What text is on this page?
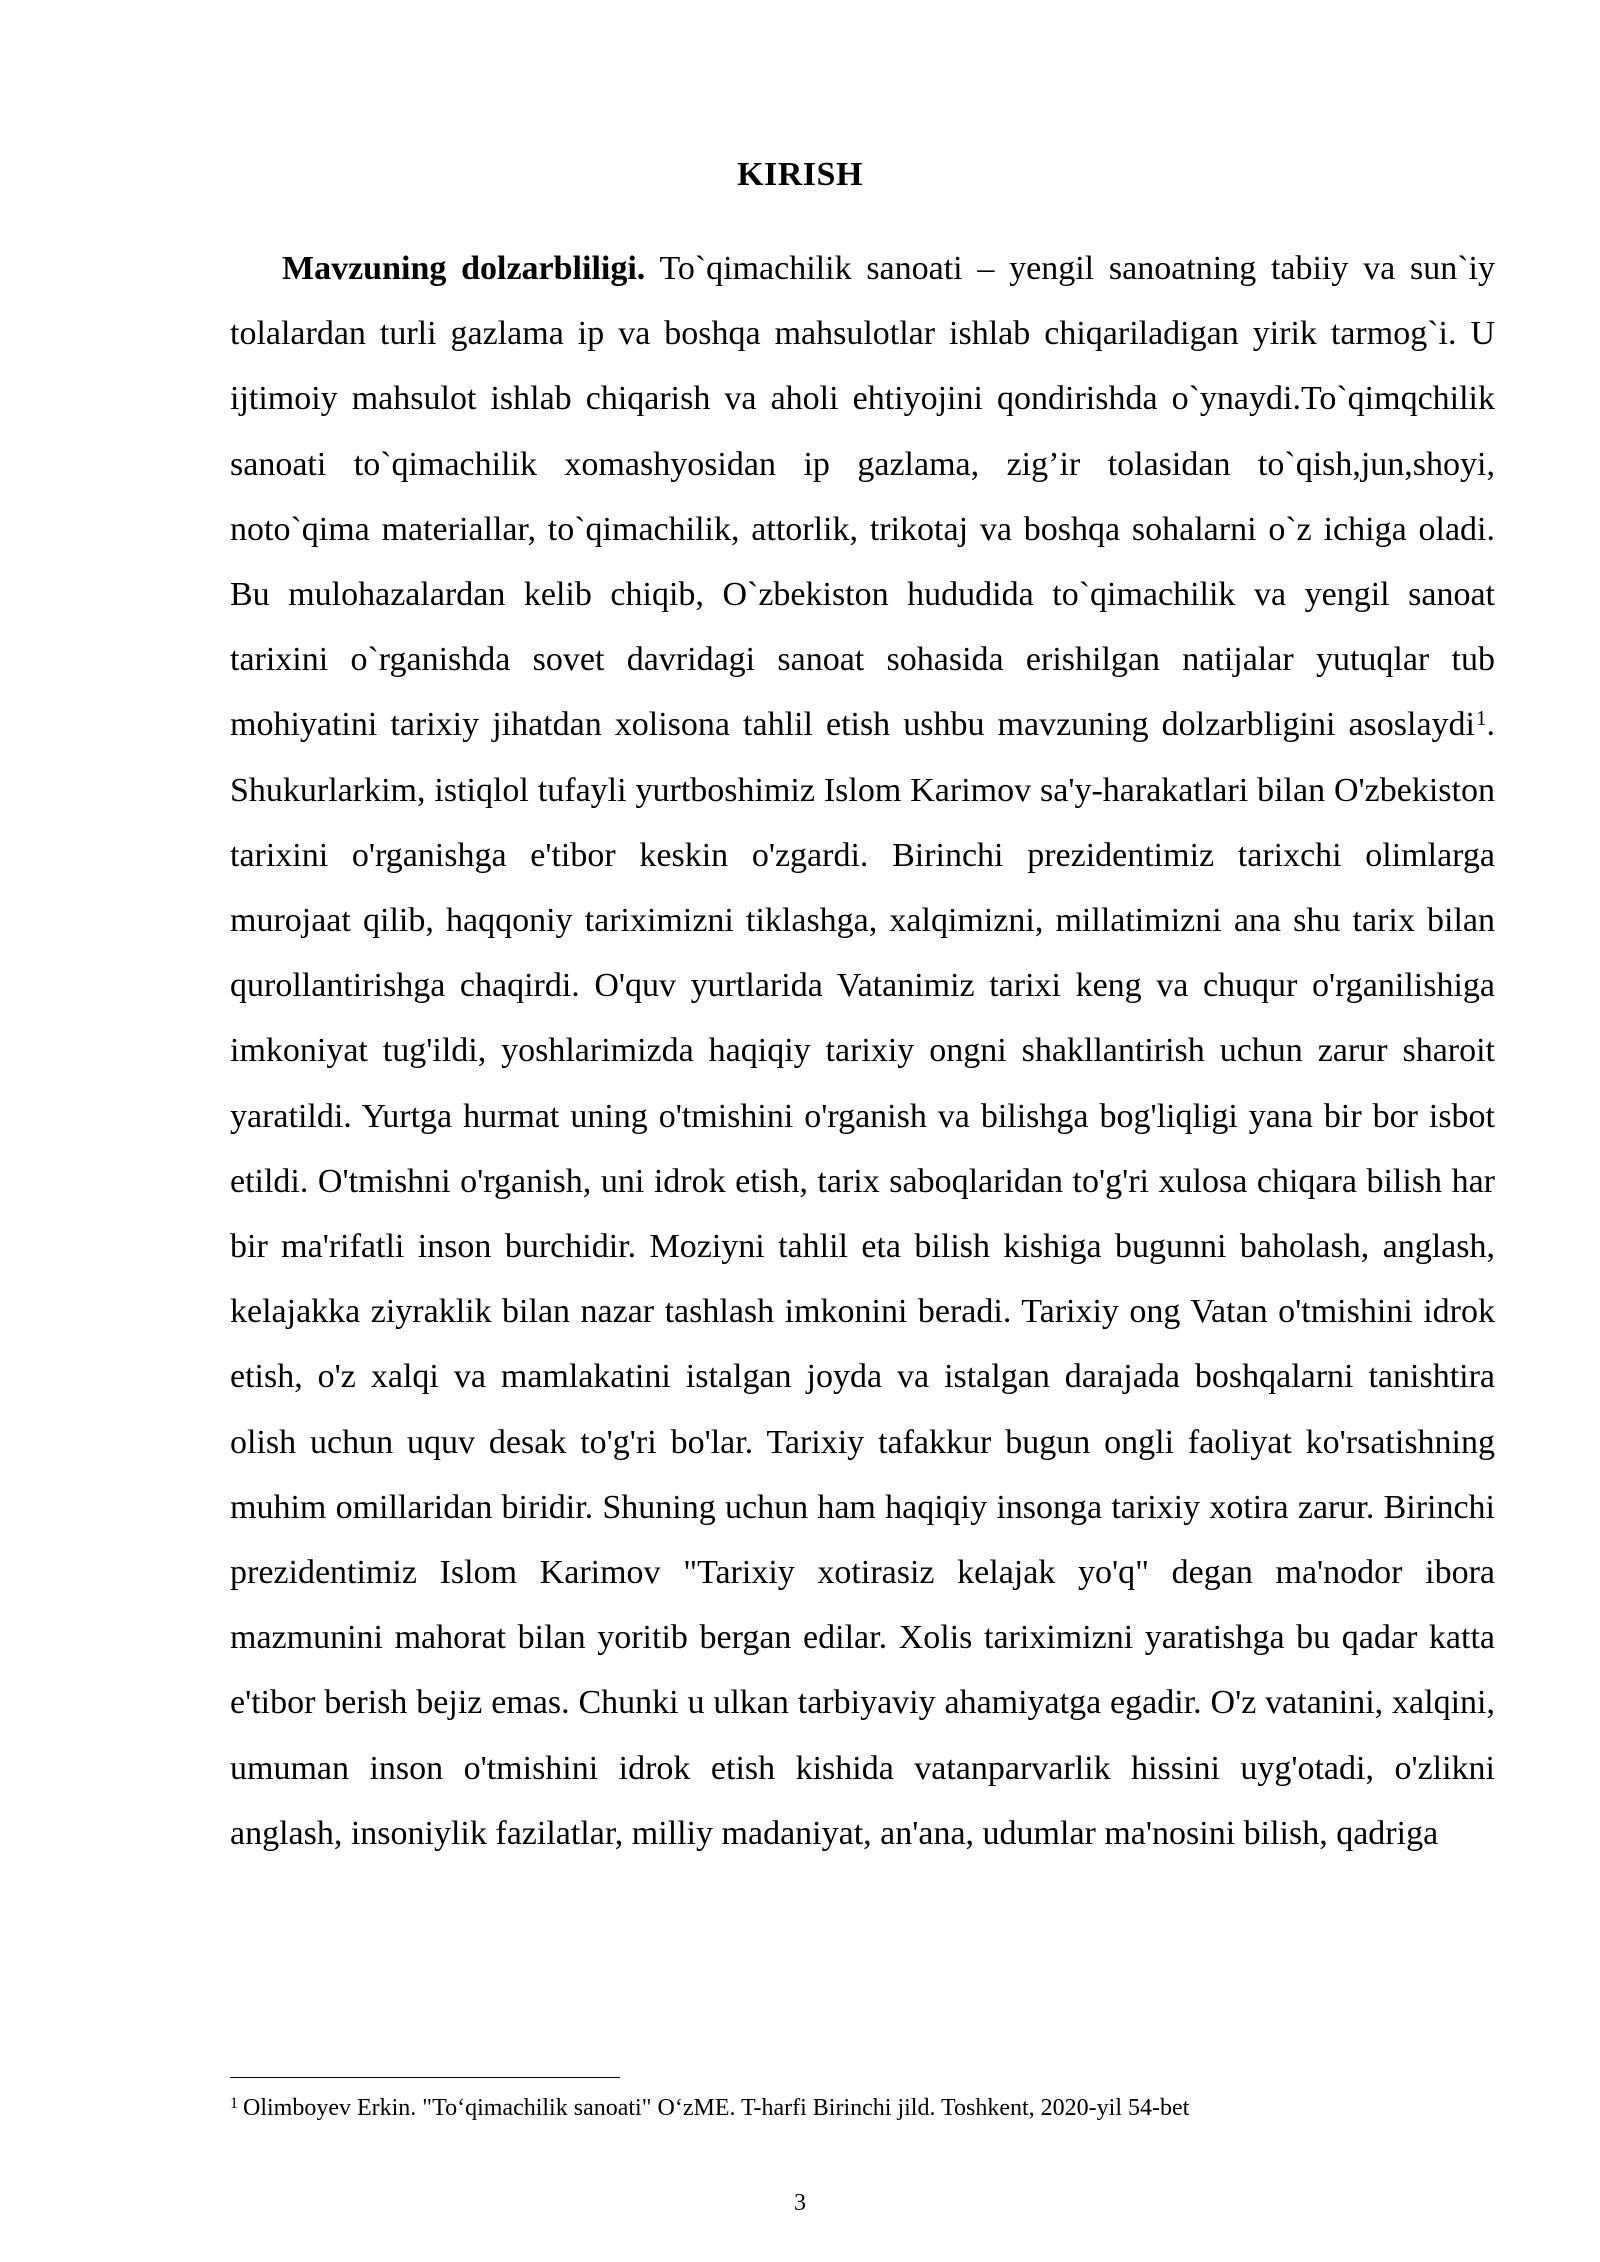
KIRISH

Mavzuning dolzarbliligi. To`qimachilik sanoati – yengil sanoatning tabiiy va sun`iy tolalardan turli gazlama ip va boshqa mahsulotlar ishlab chiqariladigan yirik tarmog`i. U ijtimoiy mahsulot ishlab chiqarish va aholi ehtiyojini qondirishda o`ynaydi.To`qimqchilik sanoati to`qimachilik xomashyosidan ip gazlama, zig’ir tolasidan to`qish,jun,shoyi, noto`qima materiallar, to`qimachilik, attorlik, trikotaj va boshqa sohalarni o`z ichiga oladi. Bu mulohazalardan kelib chiqib, O`zbekiston hududida to`qimachilik va yengil sanoat tarixini o`rganishda sovet davridagi sanoat sohasida erishilgan natijalar yutuqlar tub mohiyatini tarixiy jihatdan xolisona tahlil etish ushbu mavzuning dolzarbligini asoslaydi$^1$. Shukurlarkim, istiqlol tufayli yurtboshimiz Islom Karimov sa'y-harakatlari bilan O'zbekiston tarixini o'rganishga e'tibor keskin o'zgardi. Birinchi prezidentimiz tarixchi olimlarga murojaat qilib, haqqoniy tariximizni tiklashga, xalqimizni, millatimizni ana shu tarix bilan qurollantirishga chaqirdi. O'quv yurtlarida Vatanimiz tarixi keng va chuqur o'rganilishiga imkoniyat tug'ildi, yoshlarimizda haqiqiy tarixiy ongni shakllantirish uchun zarur sharoit yaratildi. Yurtga hurmat uning o'tmishini o'rganish va bilishga bog'liqligi yana bir bor isbot etildi. O'tmishni o'rganish, uni idrok etish, tarix saboqlaridan to'g'ri xulosa chiqara bilish har bir ma'rifatli inson burchidir. Moziyni tahlil eta bilish kishiga bugunni baholash, anglash, kelajakka ziyraklik bilan nazar tashlash imkonini beradi. Tarixiy ong Vatan o'tmishini idrok etish, o'z xalqi va mamlakatini istalgan joyda va istalgan darajada boshqalarni tanishtira olish uchun uquv desak to'g'ri bo'lar. Tarixiy tafakkur bugun ongli faoliyat ko'rsatishning muhim omillaridan biridir. Shuning uchun ham haqiqiy insonga tarixiy xotira zarur. Birinchi prezidentimiz Islom Karimov "Tarixiy xotirasiz kelajak yo'q" degan ma'nodor ibora mazmunini mahorat bilan yoritib bergan edilar. Xolis tariximizni yaratishga bu qadar katta e'tibor berish bejiz emas. Chunki u ulkan tarbiyaviy ahamiyatga egadir. O'z vatanini, xalqini, umuman inson o'tmishini idrok etish kishida vatanparvarlik hissini uyg'otadi, o'zlikni anglash, insoniylik fazilatlar, milliy madaniyat, an'ana, udumlar ma'nosini bilish, qadriga

$^1$ Olimboyev Erkin. "To‘qimachilik sanoati" O‘zME. T-harfi Birinchi jild. Toshkent, 2020-yil 54-bet
3
